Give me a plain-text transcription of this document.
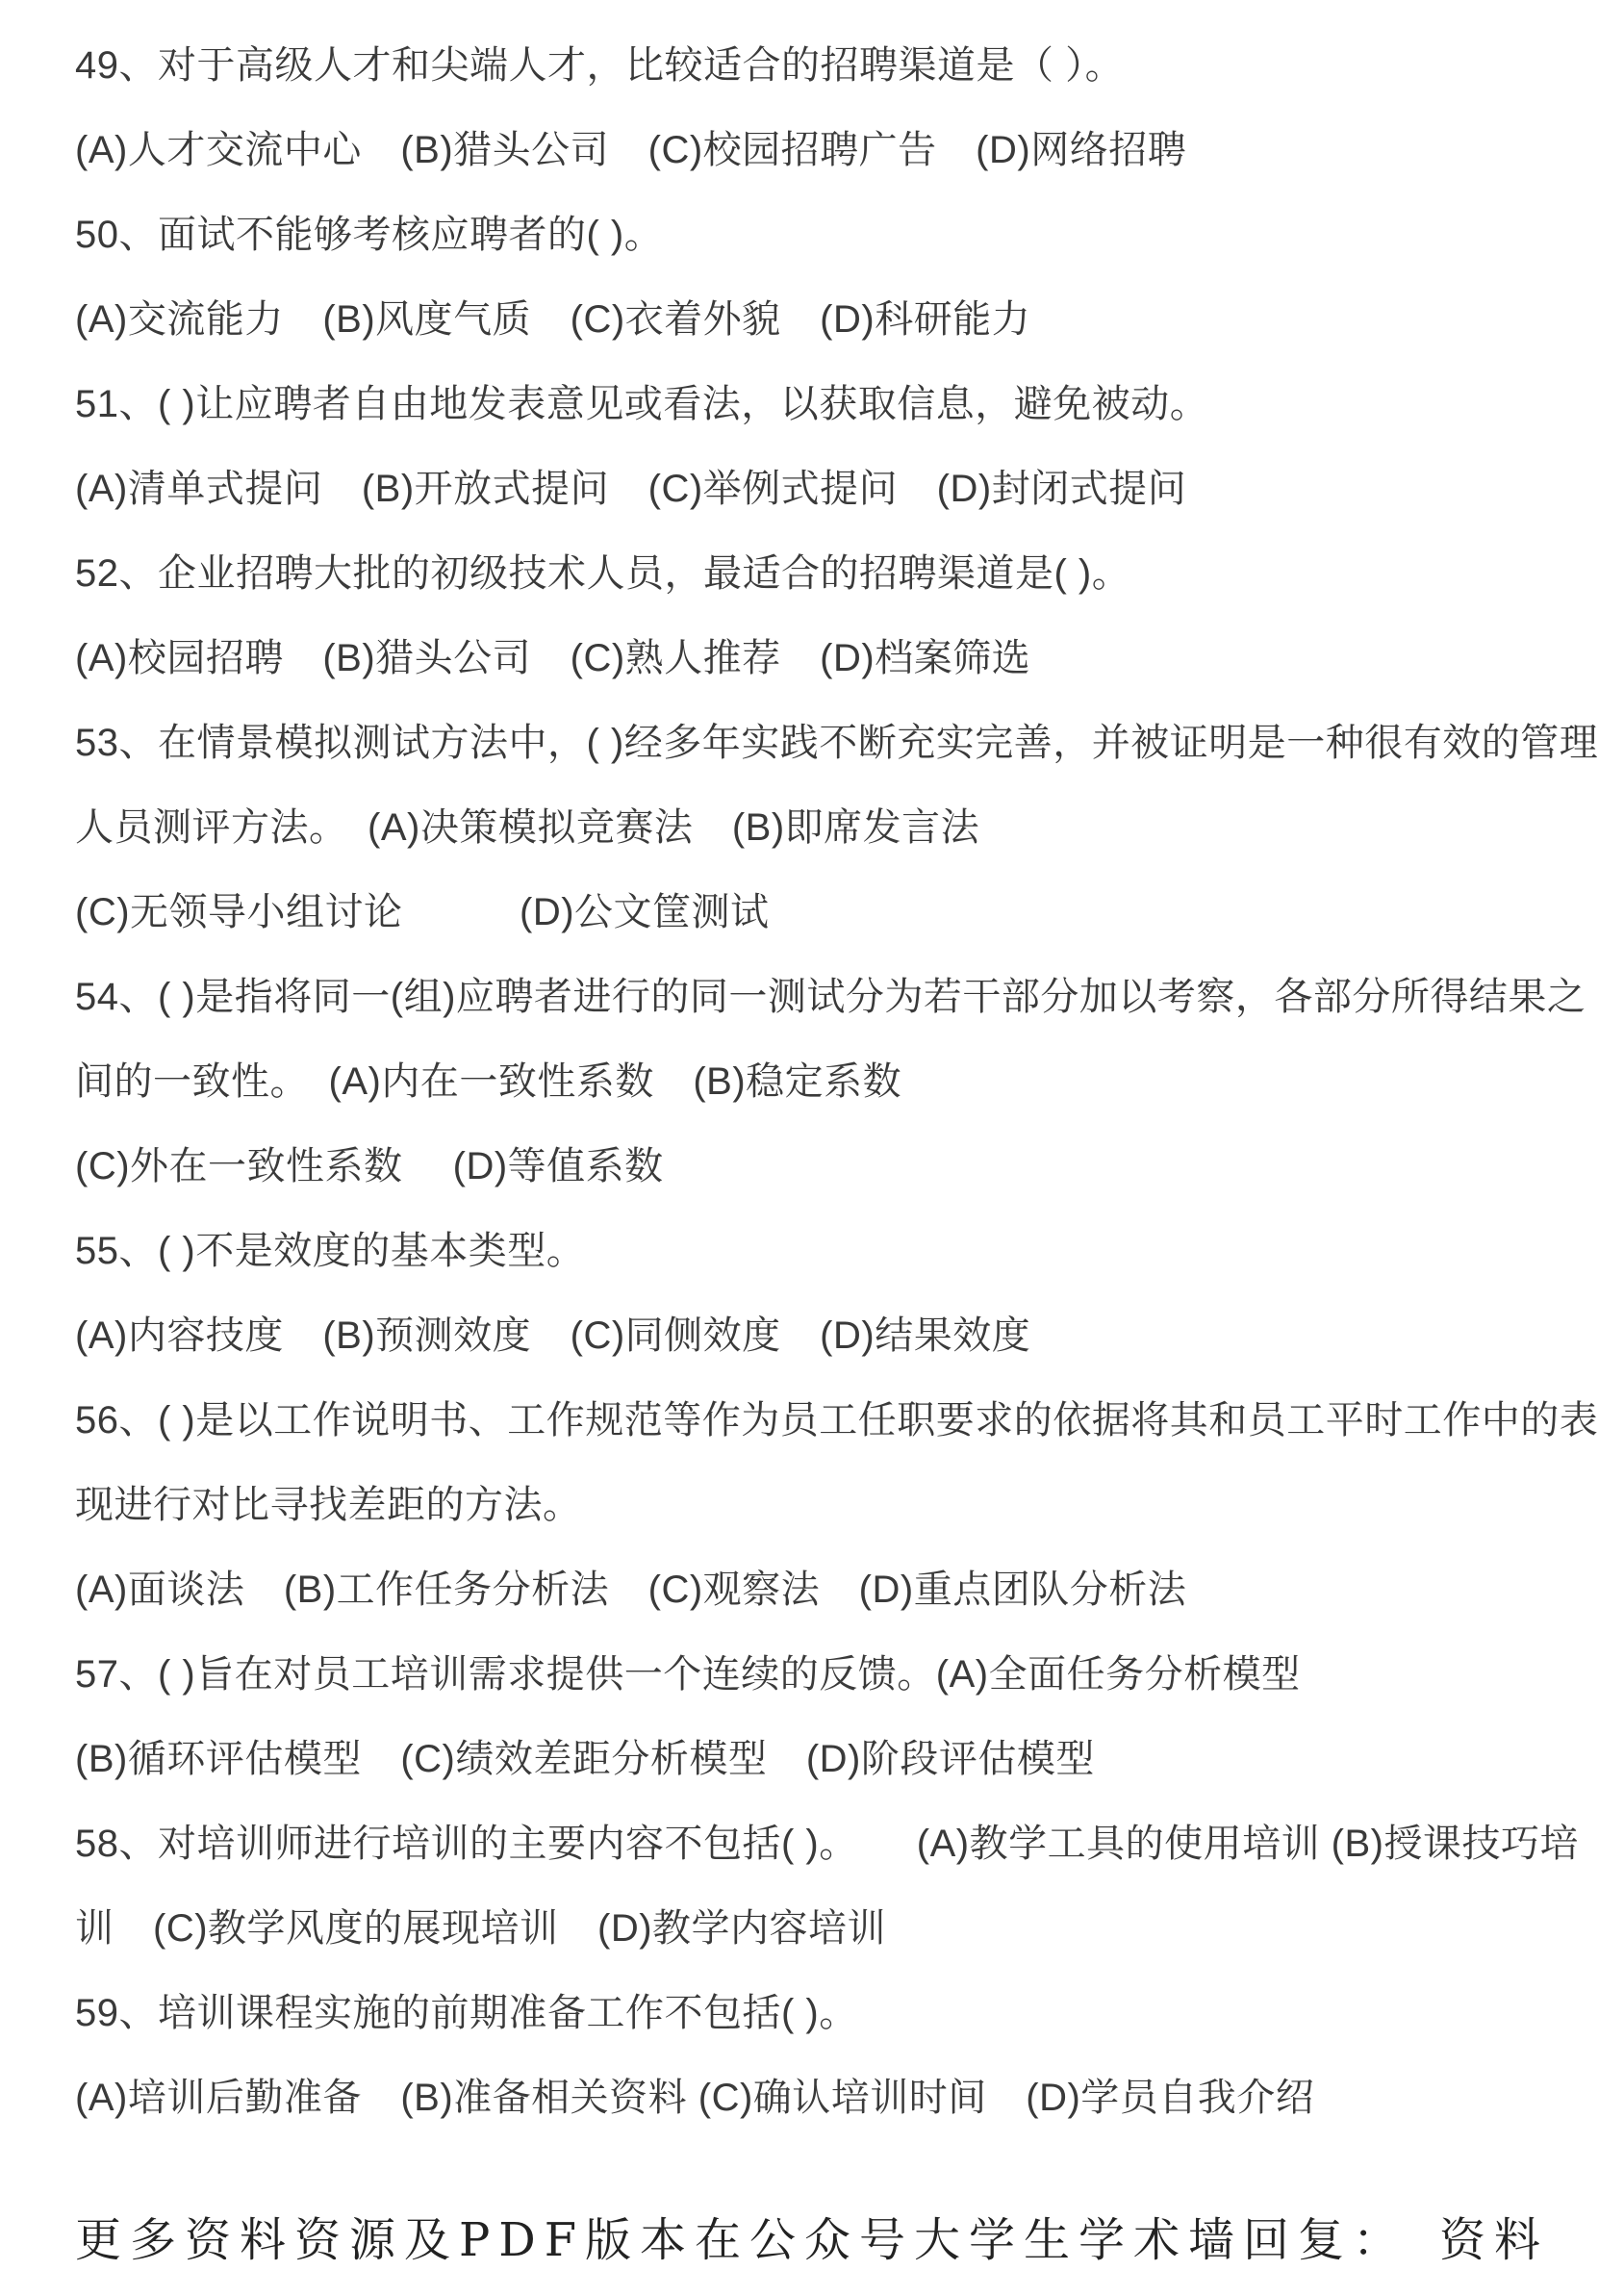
49、对于高级人才和尖端人才，比较适合的招聘渠道是（ ）。
(A)人才交流中心　(B)猎头公司　(C)校园招聘广告　(D)网络招聘
50、面试不能够考核应聘者的( )。
(A)交流能力　(B)风度气质　(C)衣着外貌　(D)科研能力
51、( )让应聘者自由地发表意见或看法，以获取信息，避免被动。
(A)清单式提问　(B)开放式提问　(C)举例式提问　(D)封闭式提问
52、企业招聘大批的初级技术人员，最适合的招聘渠道是( )。
(A)校园招聘　(B)猎头公司　(C)熟人推荐　(D)档案筛选
53、在情景模拟测试方法中，( )经多年实践不断充实完善，并被证明是一种很有效的管理
人员测评方法。　(A)决策模拟竞赛法　(B)即席发言法
(C)无领导小组讨论　　　(D)公文筐测试
54、( )是指将同一(组)应聘者进行的同一测试分为若干部分加以考察，各部分所得结果之
间的一致性。　(A)内在一致性系数　(B)稳定系数
(C)外在一致性系数　 (D)等值系数
55、( )不是效度的基本类型。
(A)内容技度　(B)预测效度　(C)同侧效度　(D)结果效度
56、( )是以工作说明书、工作规范等作为员工任职要求的依据将其和员工平时工作中的表
现进行对比寻找差距的方法。
(A)面谈法　(B)工作任务分析法　(C)观察法　(D)重点团队分析法
57、( )旨在对员工培训需求提供一个连续的反馈。(A)全面任务分析模型
(B)循环评估模型　(C)绩效差距分析模型　(D)阶段评估模型
58、对培训师进行培训的主要内容不包括( )。　　(A)教学工具的使用培训 (B)授课技巧培
训　(C)教学风度的展现培训　(D)教学内容培训
59、培训课程实施的前期准备工作不包括( )。
(A)培训后勤准备　(B)准备相关资料 (C)确认培训时间　(D)学员自我介绍
更多资料资源及PDF版本在公众号大学生学术墙回复：　资料
